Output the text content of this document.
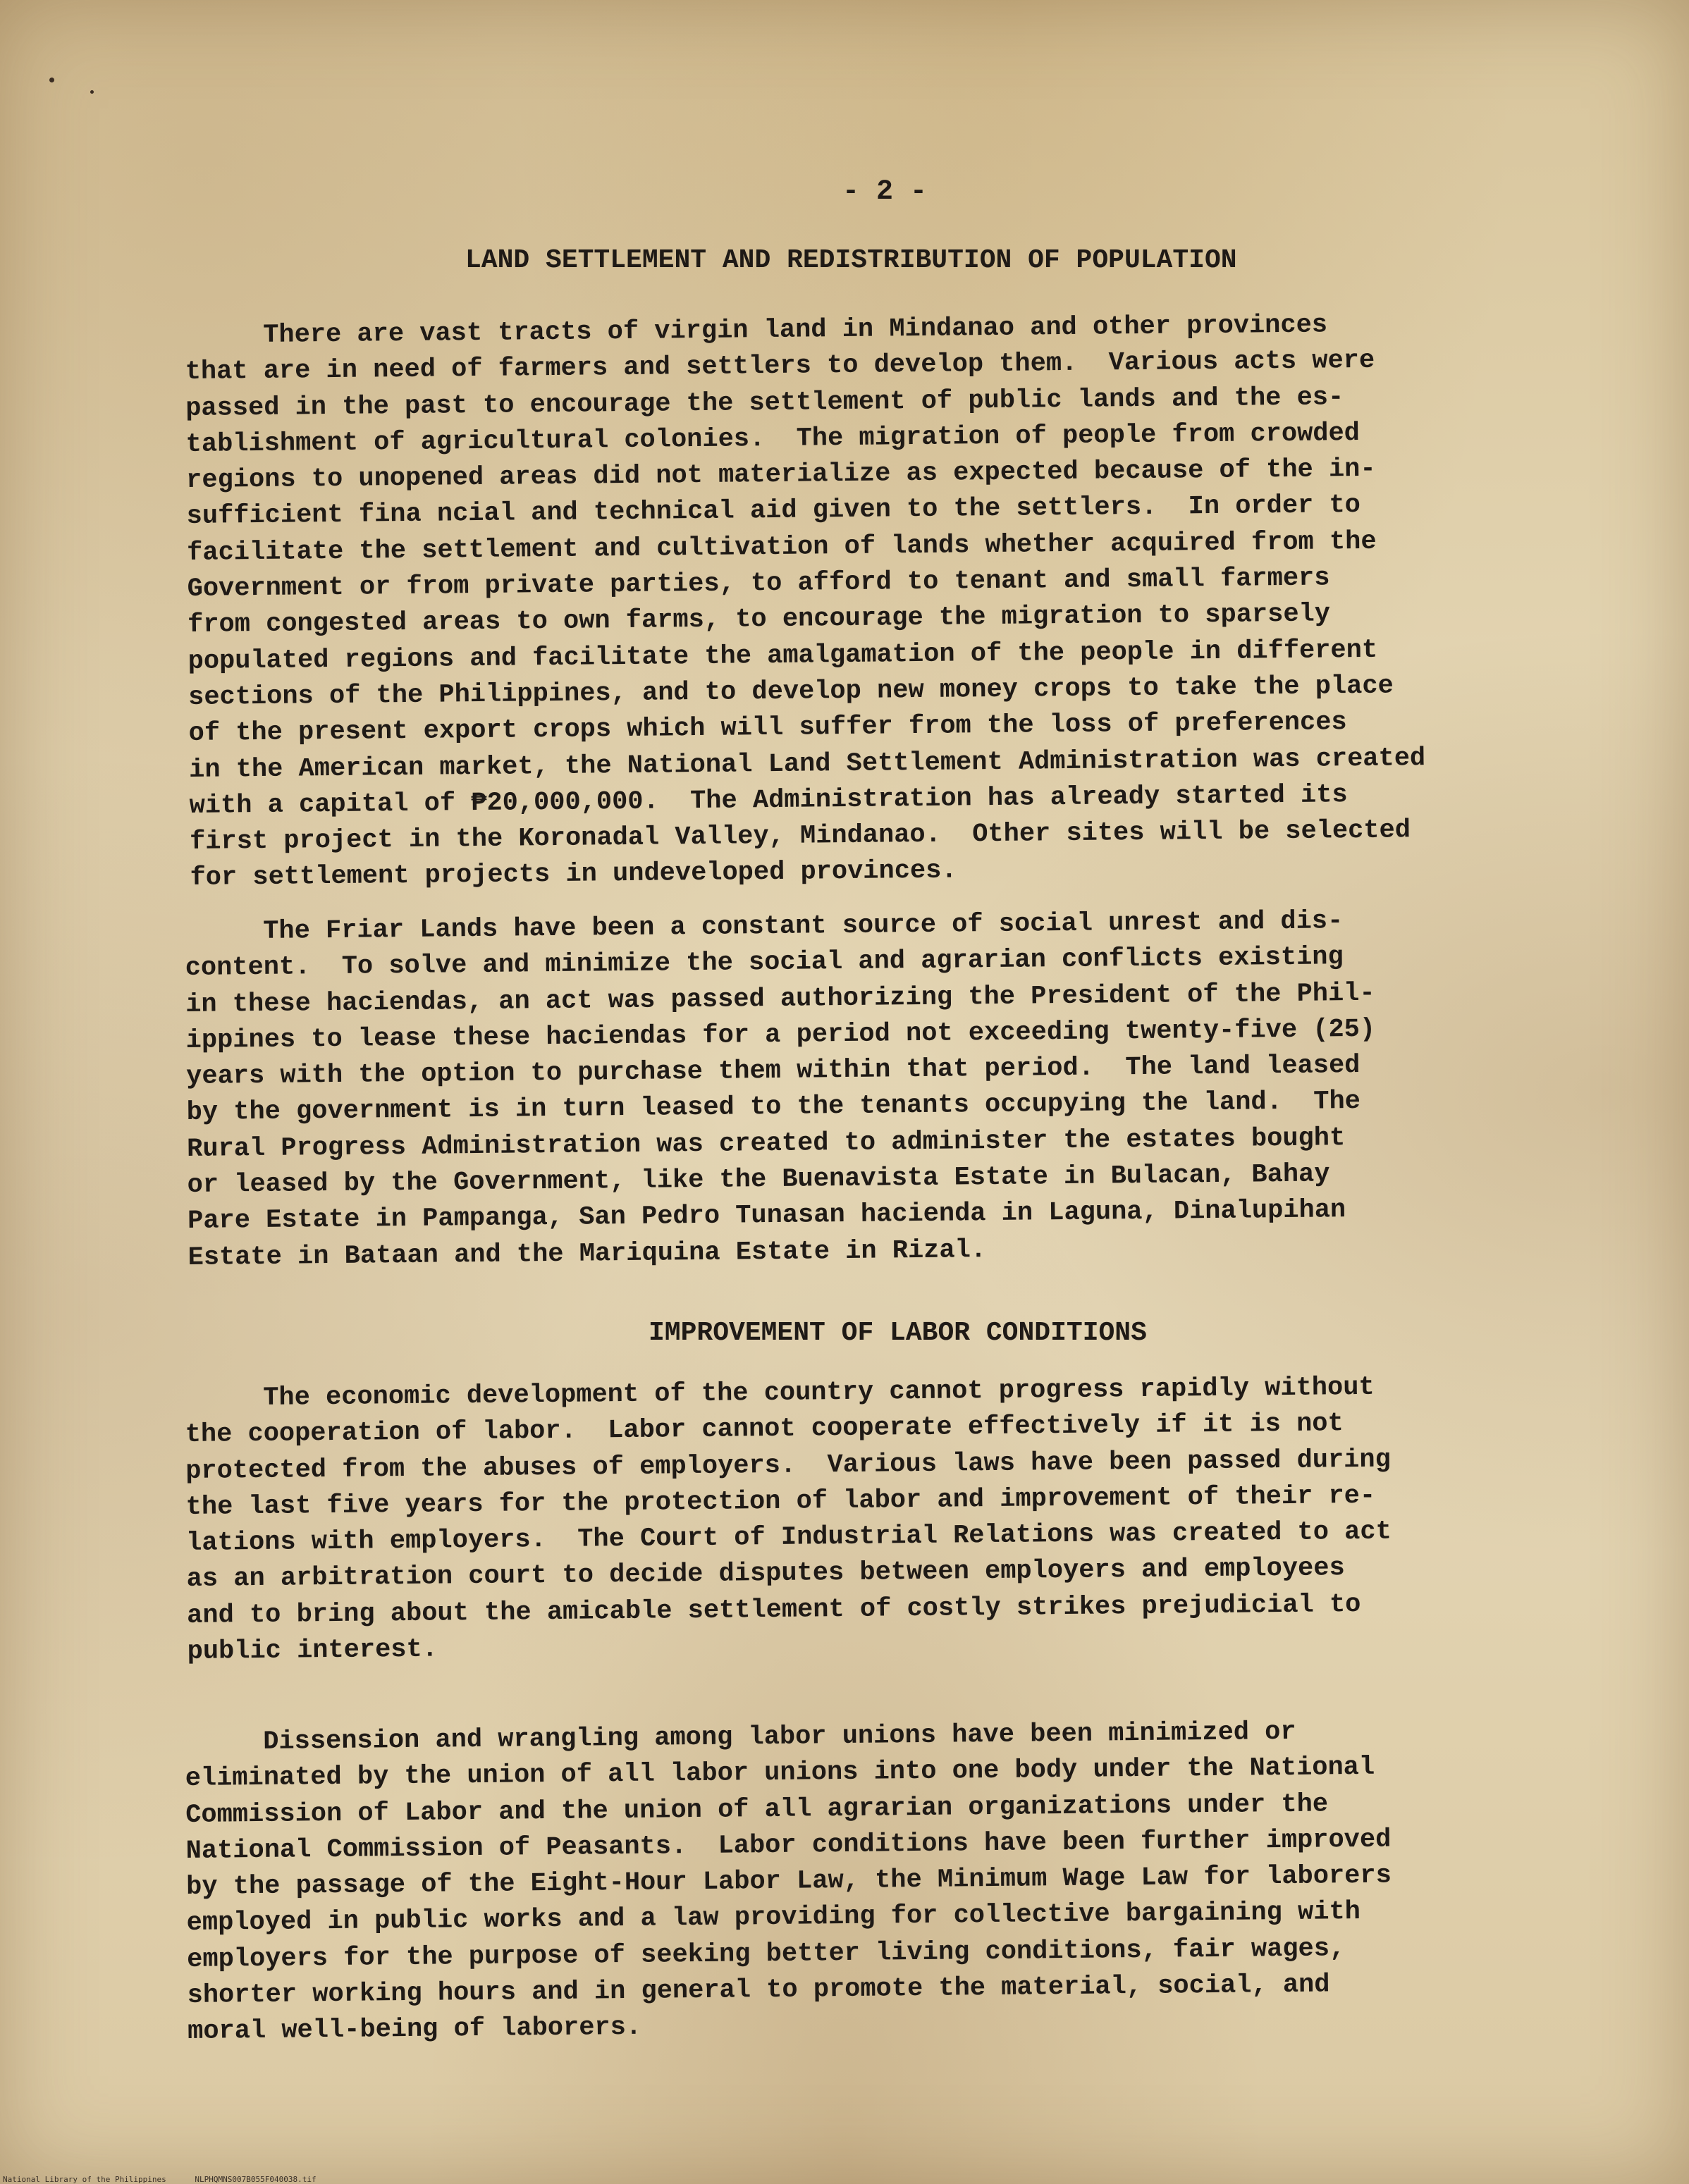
- 2 -
LAND SETTLEMENT AND REDISTRIBUTION OF POPULATION
There are vast tracts of virgin land in Mindanao and other provinces
that are in need of farmers and settlers to develop them.  Various acts were
passed in the past to encourage the settlement of public lands and the es-
tablishment of agricultural colonies.  The migration of people from crowded
regions to unopened areas did not materialize as expected because of the in-
sufficient fina ncial and technical aid given to the settlers.  In order to
facilitate the settlement and cultivation of lands whether acquired from the
Government or from private parties, to afford to tenant and small farmers
from congested areas to own farms, to encourage the migration to sparsely
populated regions and facilitate the amalgamation of the people in different
sections of the Philippines, and to develop new money crops to take the place
of the present export crops which will suffer from the loss of preferences
in the American market, the National Land Settlement Administration was created
with a capital of ₱20,000,000.  The Administration has already started its
first project in the Koronadal Valley, Mindanao.  Other sites will be selected
for settlement projects in undeveloped provinces.
The Friar Lands have been a constant source of social unrest and dis-
content.  To solve and minimize the social and agrarian conflicts existing
in these haciendas, an act was passed authorizing the President of the Phil-
ippines to lease these haciendas for a period not exceeding twenty-five (25)
years with the option to purchase them within that period.  The land leased
by the government is in turn leased to the tenants occupying the land.  The
Rural Progress Administration was created to administer the estates bought
or leased by the Government, like the Buenavista Estate in Bulacan, Bahay
Pare Estate in Pampanga, San Pedro Tunasan hacienda in Laguna, Dinalupihan
Estate in Bataan and the Mariquina Estate in Rizal.
IMPROVEMENT OF LABOR CONDITIONS
The economic development of the country cannot progress rapidly without
the cooperation of labor.  Labor cannot cooperate effectively if it is not
protected from the abuses of employers.  Various laws have been passed during
the last five years for the protection of labor and improvement of their re-
lations with employers.  The Court of Industrial Relations was created to act
as an arbitration court to decide disputes between employers and employees
and to bring about the amicable settlement of costly strikes prejudicial to
public interest.
Dissension and wrangling among labor unions have been minimized or
eliminated by the union of all labor unions into one body under the National
Commission of Labor and the union of all agrarian organizations under the
National Commission of Peasants.  Labor conditions have been further improved
by the passage of the Eight-Hour Labor Law, the Minimum Wage Law for laborers
employed in public works and a law providing for collective bargaining with
employers for the purpose of seeking better living conditions, fair wages,
shorter working hours and in general to promote the material, social, and
moral well-being of laborers.
National Library of the Philippines	NLPHQMNS007B055F040038.tif
